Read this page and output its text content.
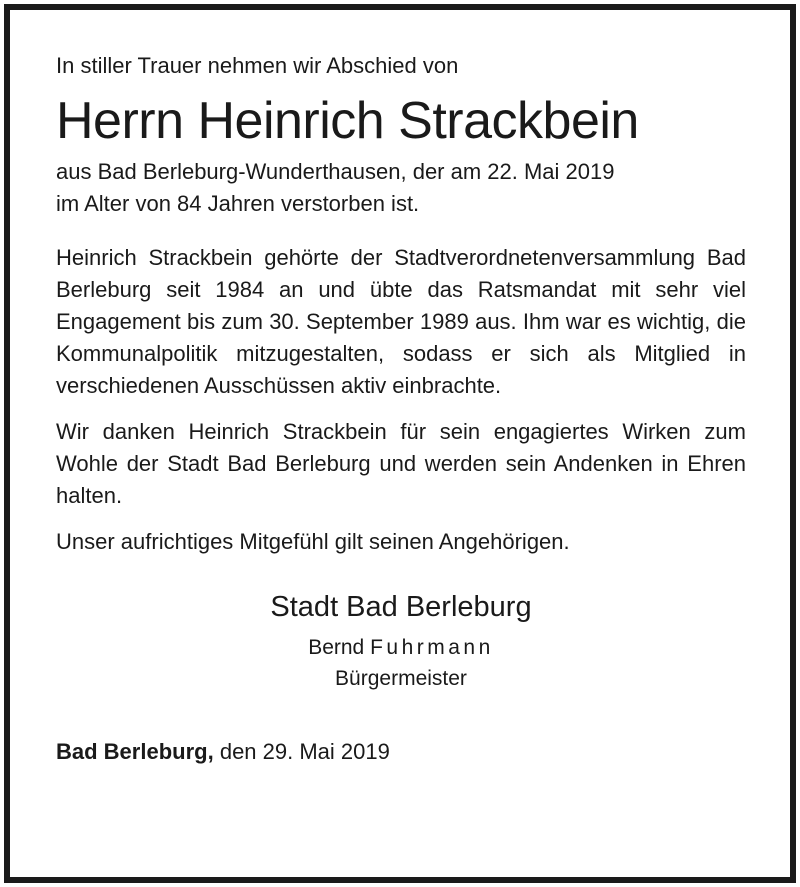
In stiller Trauer nehmen wir Abschied von

Herrn Heinrich Strackbein

aus Bad Berleburg-Wunderthausen, der am 22. Mai 2019
im Alter von 84 Jahren verstorben ist.

Heinrich Strackbein gehörte der Stadtverordnetenversammlung Bad Berleburg seit 1984 an und übte das Ratsmandat mit sehr viel Engagement bis zum 30. September 1989 aus. Ihm war es wichtig, die Kommunalpolitik mitzugestalten, sodass er sich als Mitglied in verschiedenen Ausschüssen aktiv einbrachte.

Wir danken Heinrich Strackbein für sein engagiertes Wirken zum Wohle der Stadt Bad Berleburg und werden sein Andenken in Ehren halten.

Unser aufrichtiges Mitgefühl gilt seinen Angehörigen.

Stadt Bad Berleburg
Bernd Fuhrmann
Bürgermeister
Bad Berleburg, den 29. Mai 2019
